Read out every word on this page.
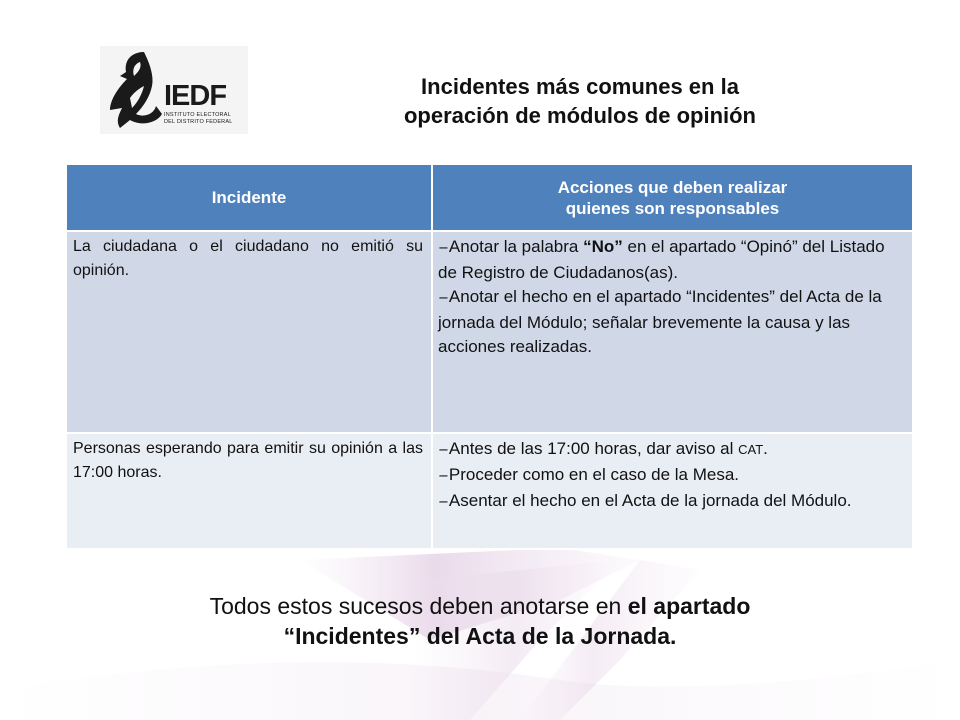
IEDF
INSTITUTO ELECTORAL
DEL DISTRITO FEDERAL
Incidentes más comunes en la
operación de módulos de opinión
Incidente	Acciones que deben realizar
quienes son responsables

La ciudadana o el ciudadano no emitió su opinión.	−Anotar la palabra “No” en el apartado “Opinó” del Listado de Registro de Ciudadanos(as).
−Anotar el hecho en el apartado “Incidentes” del Acta de la jornada del Módulo; señalar brevemente la causa y las acciones realizadas.

Personas esperando para emitir su opinión a las 17:00 horas.	−Antes de las 17:00 horas, dar aviso al CAT.
−Proceder como en el caso de la Mesa.
−Asentar el hecho en el Acta de la jornada del Módulo.
Todos estos sucesos deben anotarse en el apartado
“Incidentes” del Acta de la Jornada.
